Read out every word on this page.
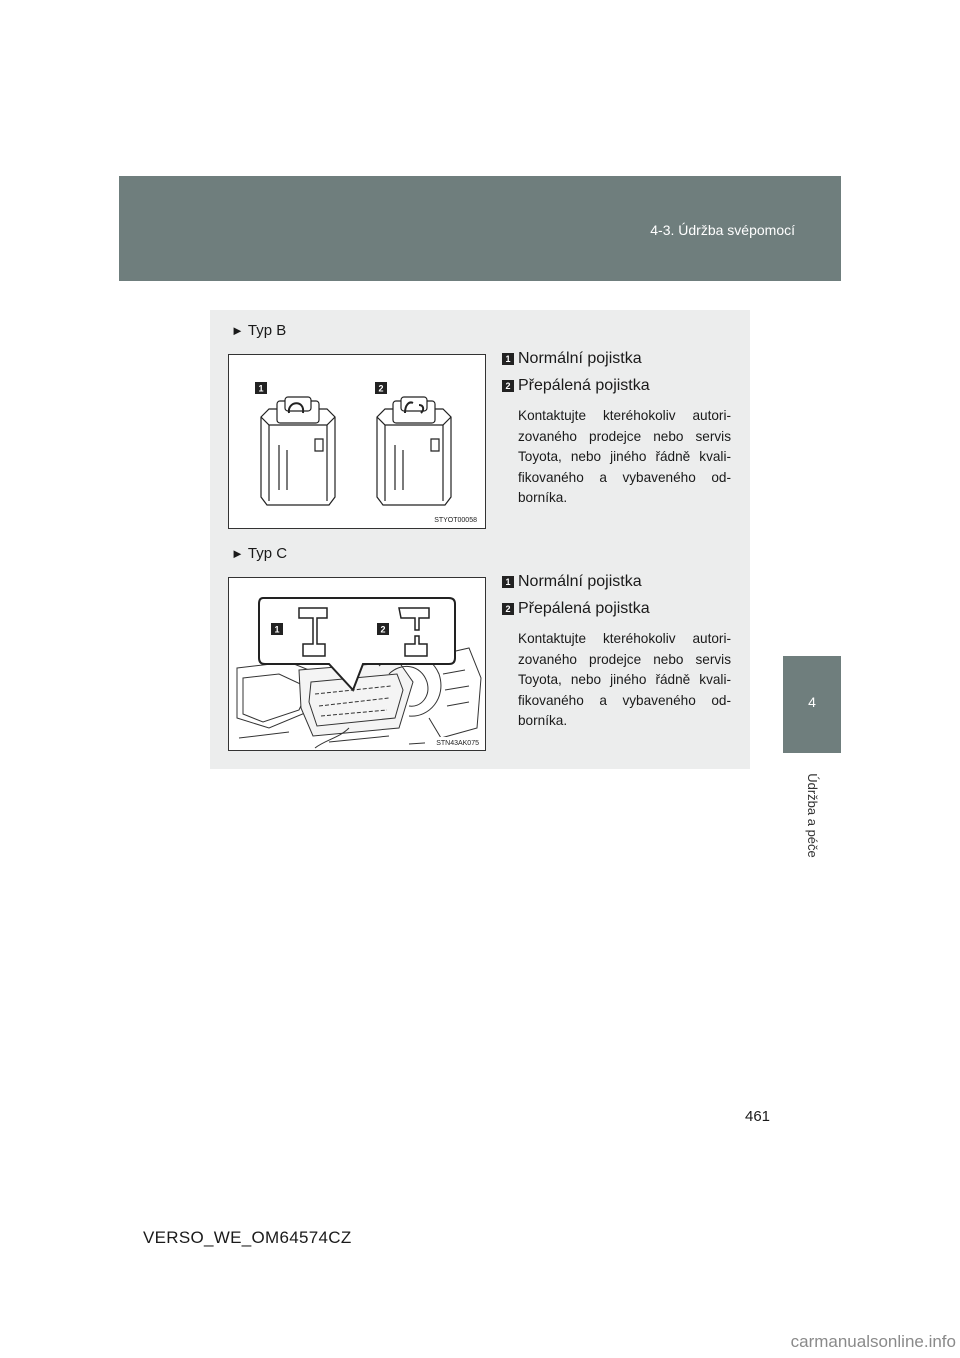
4-3. Údržba svépomocí
4
Údržba a péče
► Typ B
1	2
STYOT00058
1 Normální pojistka
2 Přepálená pojistka
Kontaktujte kteréhokoliv autori-zovaného prodejce nebo servis Toyota, nebo jiného řádně kvali-fikovaného a vybaveného od-borníka.
► Typ C
1	2
STN43AK075
1 Normální pojistka
2 Přepálená pojistka
Kontaktujte kteréhokoliv autori-zovaného prodejce nebo servis Toyota, nebo jiného řádně kvali-fikovaného a vybaveného od-borníka.
461
VERSO_WE_OM64574CZ
carmanualsonline.info
